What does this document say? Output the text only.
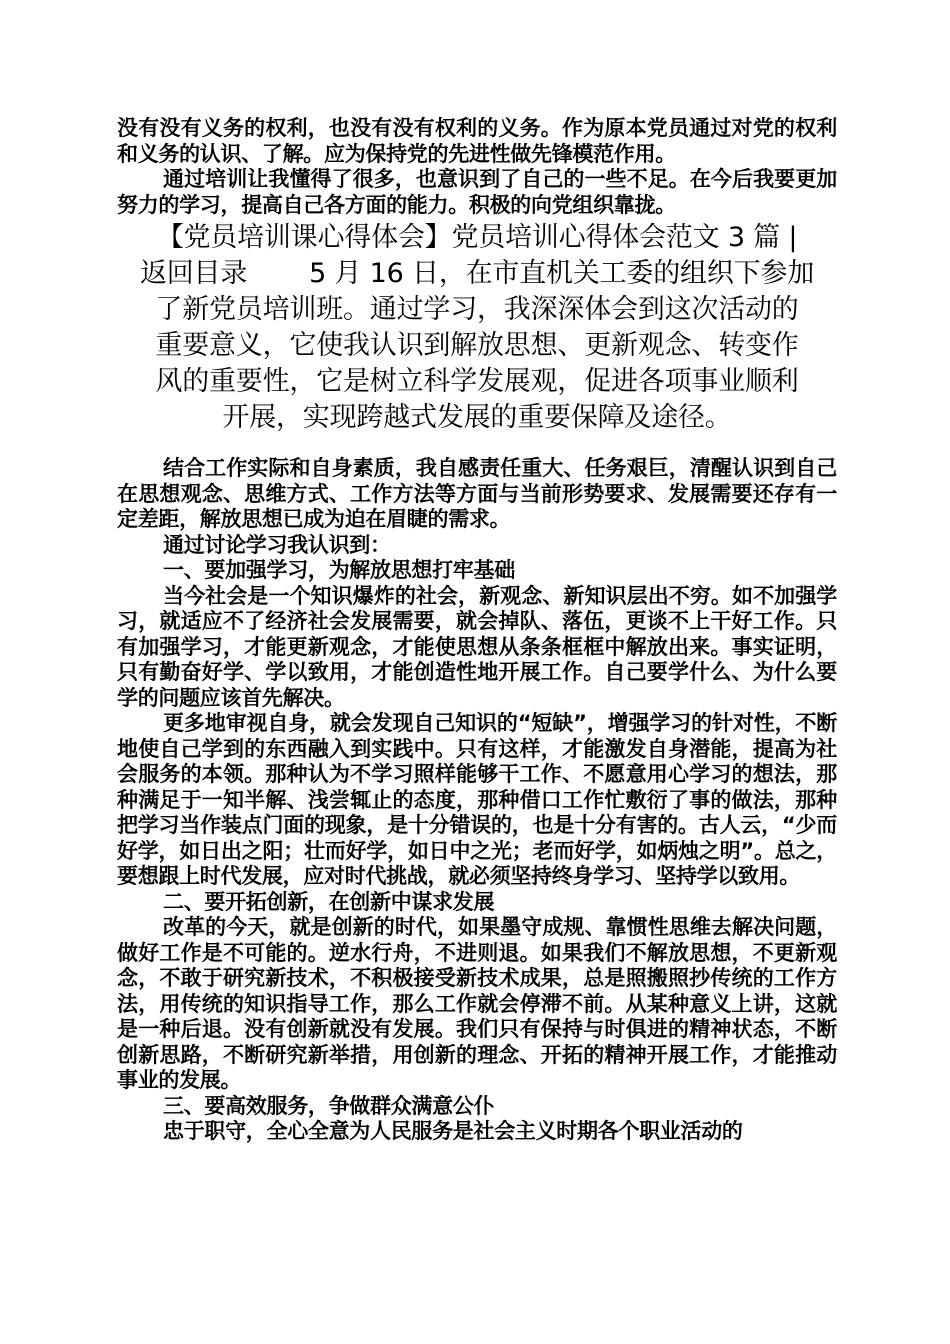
没有没有义务的权利，也没有没有权利的义务。作为原本党员通过对党的权利和义务的认识、了解。应为保持党的先进性做先锋模范作用。

通过培训让我懂得了很多，也意识到了自己的一些不足。在今后我要更加努力的学习，提高自己各方面的能力。积极的向党组织靠拢。

【党员培训课心得体会】党员培训心得体会范文 3 篇 |

返回目录　　 5 月 16 日，在市直机关工委的组织下参加

了新党员培训班。通过学习，我深深体会到这次活动的

重要意义，它使我认识到解放思想、更新观念、转变作

风的重要性，它是树立科学发展观，促进各项事业顺利

开展，实现跨越式发展的重要保障及途径。

结合工作实际和自身素质，我自感责任重大、任务艰巨，清醒认识到自己在思想观念、思维方式、工作方法等方面与当前形势要求、发展需要还存有一定差距，解放思想已成为迫在眉睫的需求。

通过讨论学习我认识到：

一、要加强学习，为解放思想打牢基础

当今社会是一个知识爆炸的社会，新观念、新知识层出不穷。如不加强学习，就适应不了经济社会发展需要，就会掉队、落伍，更谈不上干好工作。只有加强学习，才能更新观念，才能使思想从条条框框中解放出来。事实证明，只有勤奋好学、学以致用，才能创造性地开展工作。自己要学什么、为什么要学的问题应该首先解决。

更多地审视自身，就会发现自己知识的“短缺”，增强学习的针对性，不断地使自己学到的东西融入到实践中。只有这样，才能激发自身潜能，提高为社会服务的本领。那种认为不学习照样能够干工作、不愿意用心学习的想法，那种满足于一知半解、浅尝辄止的态度，那种借口工作忙敷衍了事的做法，那种把学习当作装点门面的现象，是十分错误的，也是十分有害的。古人云，“少而好学，如日出之阳；壮而好学，如日中之光；老而好学，如炳烛之明”。总之，要想跟上时代发展，应对时代挑战，就必须坚持终身学习、坚持学以致用。

二、要开拓创新，在创新中谋求发展

改革的今天，就是创新的时代，如果墨守成规、靠惯性思维去解决问题，做好工作是不可能的。逆水行舟，不进则退。如果我们不解放思想，不更新观念，不敢于研究新技术，不积极接受新技术成果，总是照搬照抄传统的工作方法，用传统的知识指导工作，那么工作就会停滞不前。从某种意义上讲，这就是一种后退。没有创新就没有发展。我们只有保持与时俱进的精神状态，不断创新思路，不断研究新举措，用创新的理念、开拓的精神开展工作，才能推动事业的发展。

三、要高效服务，争做群众满意公仆

忠于职守，全心全意为人民服务是社会主义时期各个职业活动的
